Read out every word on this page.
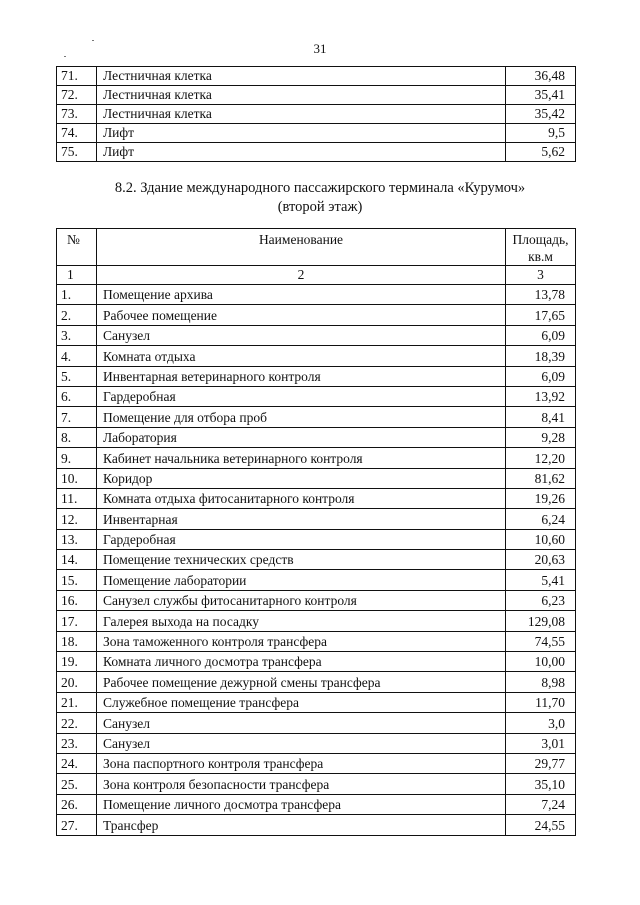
31
71.	Лестничная клетка	36,48
72.	Лестничная клетка	35,41
73.	Лестничная клетка	35,42
74.	Лифт	9,5
75.	Лифт	5,62
8.2. Здание международного пассажирского терминала «Курумоч»
(второй этаж)
№	Наименование	Площадь,
кв.м

1	2	3
1.	Помещение архива	13,78
2.	Рабочее помещение	17,65
3.	Санузел	6,09
4.	Комната отдыха	18,39
5.	Инвентарная ветеринарного контроля	6,09
6.	Гардеробная	13,92
7.	Помещение для отбора проб	8,41
8.	Лаборатория	9,28
9.	Кабинет начальника ветеринарного контроля	12,20
10.	Коридор	81,62
11.	Комната отдыха фитосанитарного контроля	19,26
12.	Инвентарная	6,24
13.	Гардеробная	10,60
14.	Помещение технических средств	20,63
15.	Помещение лаборатории	5,41
16.	Санузел службы фитосанитарного контроля	6,23
17.	Галерея выхода на посадку	129,08
18.	Зона таможенного контроля трансфера	74,55
19.	Комната личного досмотра трансфера	10,00
20.	Рабочее помещение дежурной смены трансфера	8,98
21.	Служебное помещение трансфера	11,70
22.	Санузел	3,0
23.	Санузел	3,01
24.	Зона паспортного контроля трансфера	29,77
25.	Зона контроля безопасности трансфера	35,10
26.	Помещение личного досмотра трансфера	7,24
27.	Трансфер	24,55
